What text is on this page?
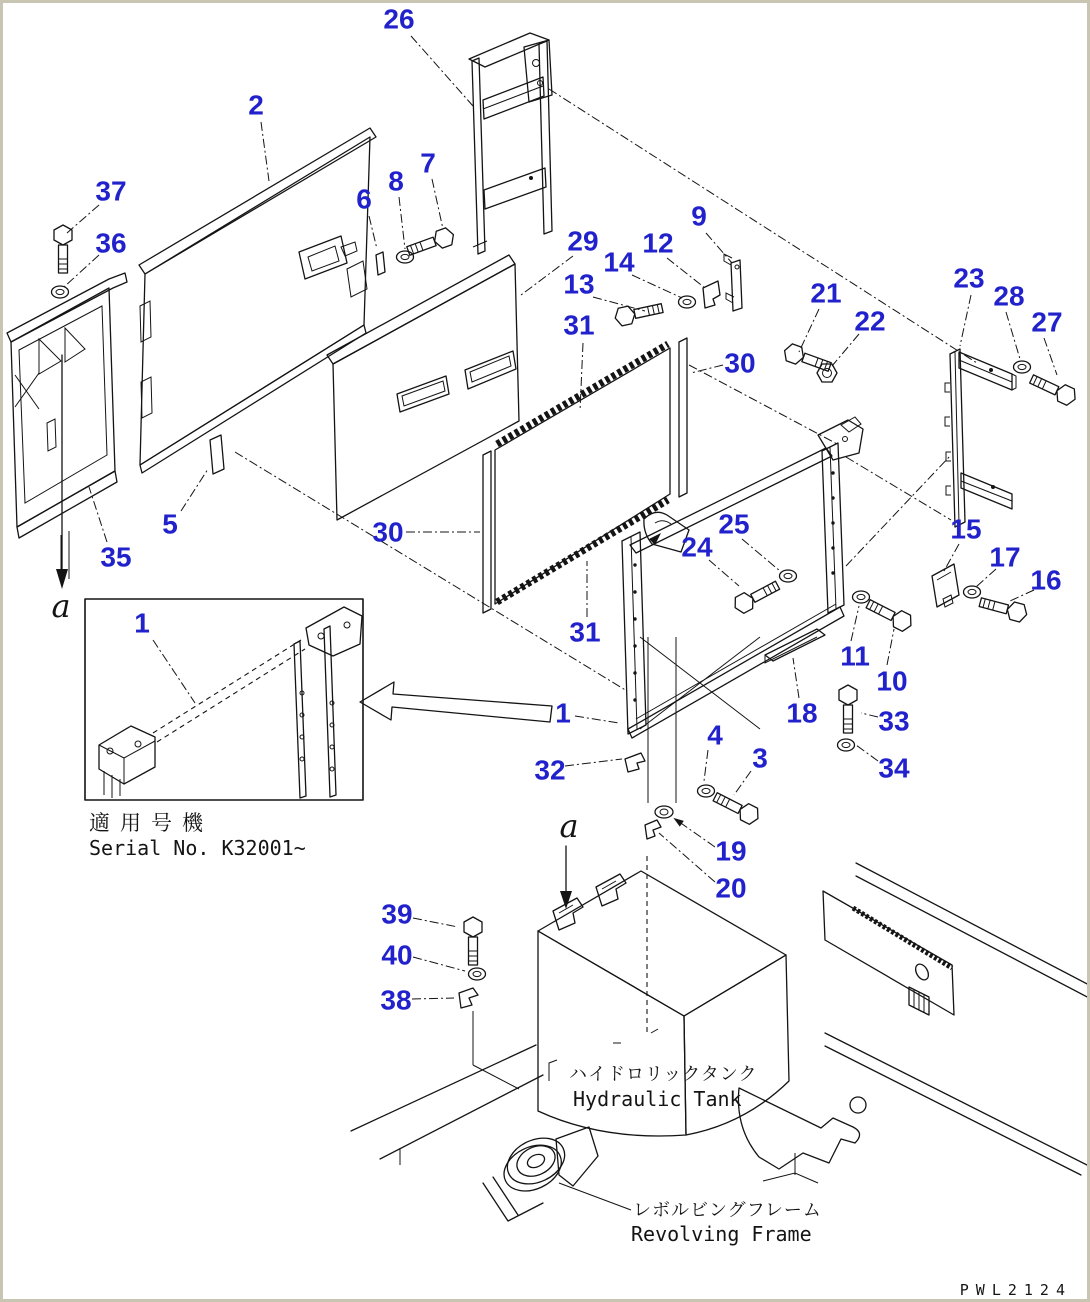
a
a
適用号機
Serial No. K32001~
ハイドロリックタンク
Hydraulic Tank
レボルビングフレーム
Revolving Frame
PWL2124
26
2
7
8
6
37
36
9
29 12
14
13	21	23
28
27
22
31
30
30
5
35
25
24
15
17
16
1	31
11
10
1	18 33
4
3	34
32
19
20
39
40
38
